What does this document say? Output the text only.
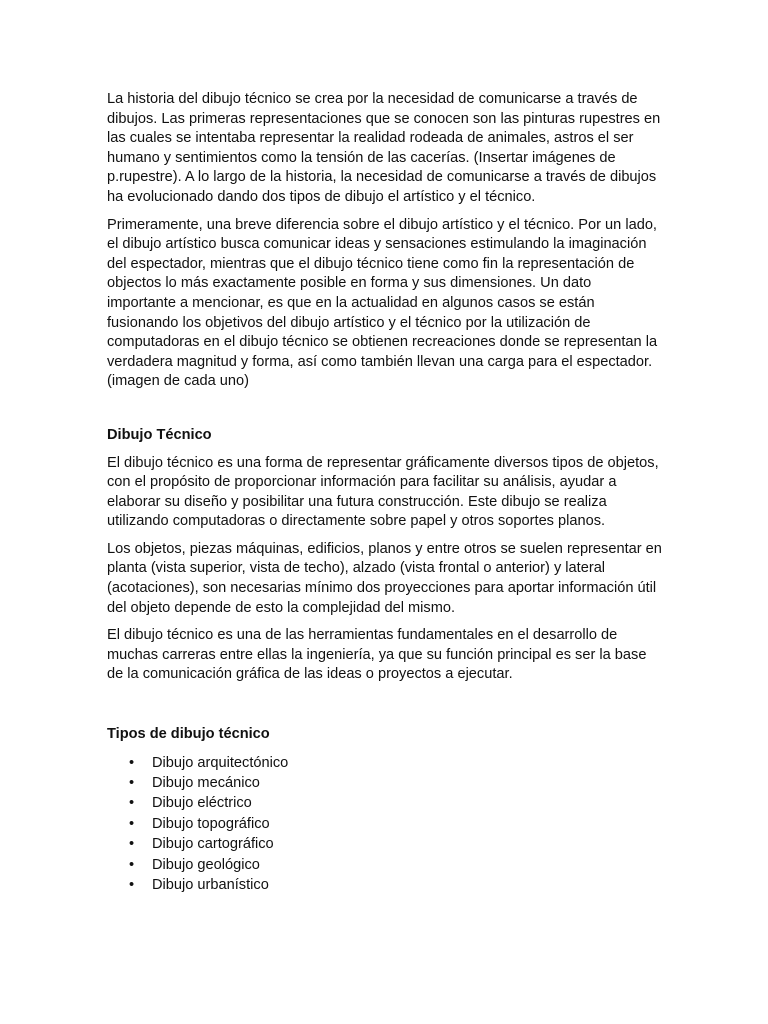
La historia del dibujo técnico se crea por la necesidad de comunicarse a través de dibujos. Las primeras representaciones que se conocen son las pinturas rupestres en las cuales se intentaba representar la realidad rodeada de animales, astros el ser humano y sentimientos como la tensión de las cacerías. (Insertar imágenes de p.rupestre). A lo largo de la historia, la necesidad de comunicarse a través de dibujos ha evolucionado dando dos tipos de dibujo el artístico y el técnico.

Primeramente, una breve diferencia sobre el dibujo artístico y el técnico. Por un lado, el dibujo artístico busca comunicar ideas y sensaciones estimulando la imaginación del espectador, mientras que el dibujo técnico tiene como fin la representación de objectos lo más exactamente posible en forma y sus dimensiones. Un dato importante a mencionar, es que en la actualidad en algunos casos se están fusionando los objetivos del dibujo artístico y el técnico por la utilización de computadoras en el dibujo técnico se obtienen recreaciones donde se representan la verdadera magnitud y forma, así como también llevan una carga para el espectador. (imagen de cada uno)

Dibujo Técnico

El dibujo técnico es una forma de representar gráficamente diversos tipos de objetos, con el propósito de proporcionar información para facilitar su análisis, ayudar a elaborar su diseño y posibilitar una futura construcción. Este dibujo se realiza utilizando computadoras o directamente sobre papel y otros soportes planos.

Los objetos, piezas máquinas, edificios, planos y entre otros se suelen representar en planta (vista superior, vista de techo), alzado (vista frontal o anterior) y lateral (acotaciones), son necesarias mínimo dos proyecciones para aportar información útil del objeto depende de esto la complejidad del mismo.

El dibujo técnico es una de las herramientas fundamentales en el desarrollo de muchas carreras entre ellas la ingeniería, ya que su función principal es ser la base de la comunicación gráfica de las ideas o proyectos a ejecutar.

Tipos de dibujo técnico
• Dibujo arquitectónico
• Dibujo mecánico
• Dibujo eléctrico
• Dibujo topográfico
• Dibujo cartográfico
• Dibujo geológico
• Dibujo urbanístico
